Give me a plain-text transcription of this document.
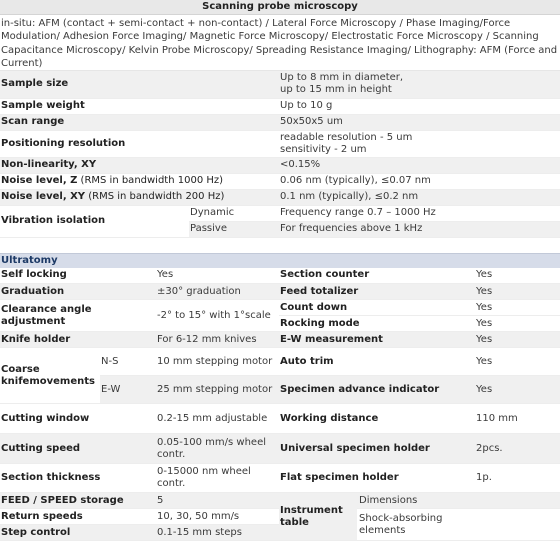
Scanning probe microscopy
in-situ: AFM (contact + semi-contact + non-contact) / Lateral Force Microscopy / Phase Imaging/Force Modulation/ Adhesion Force Imaging/ Magnetic Force Microscopy/ Electrostatic Force Microscopy / Scanning Capacitance Microscopy/ Kelvin Probe Microscopy/ Spreading Resistance Imaging/ Lithography: AFM (Force and Current)
Sample size		Up to 8 mm in diameter,
up to 15 mm in height

Sample weight		Up to 10 g
Scan range		50x50x5 um
Positioning resolution		readable resolution - 5 um
sensitivity - 2 um

Non-linearity, XY		<0.15%
Noise level, Z (RMS in bandwidth 1000 Hz)		0.06 nm (typically), ≤0.07 nm
Noise level, XY (RMS in bandwidth 200 Hz)		0.1 nm (typically), ≤0.2 nm
Vibration isolation	Dynamic	Frequency range 0.7 – 1000 Hz
	Passive	For frequencies above 1 kHz
Ultratomy
Self locking		Yes	Section counter		Yes
Graduation		±30° graduation	Feed totalizer		Yes
Clearance angle adjustment		-2° to 15° with 1°scale	Count down		Yes
			Rocking mode		Yes
Knife holder		For 6-12 mm knives	E-W measurement		Yes
Coarse knifemovements	N-S	10 mm stepping motor	Auto trim		Yes
	E-W	25 mm stepping motor	Specimen advance indicator		Yes
Cutting window		0.2-15 mm adjustable	Working distance		110 mm
Cutting speed		0.05-100 mm/s wheel contr.	Universal specimen holder		2pcs.
Section thickness		0-15000 nm wheel contr.	Flat specimen holder		1p.
FEED / SPEED storage		5	Instrument table	Dimensions	
Return speeds		10, 30, 50 mm/s		Shock-absorbing elements	
Step control		0.1-15 mm steps			
